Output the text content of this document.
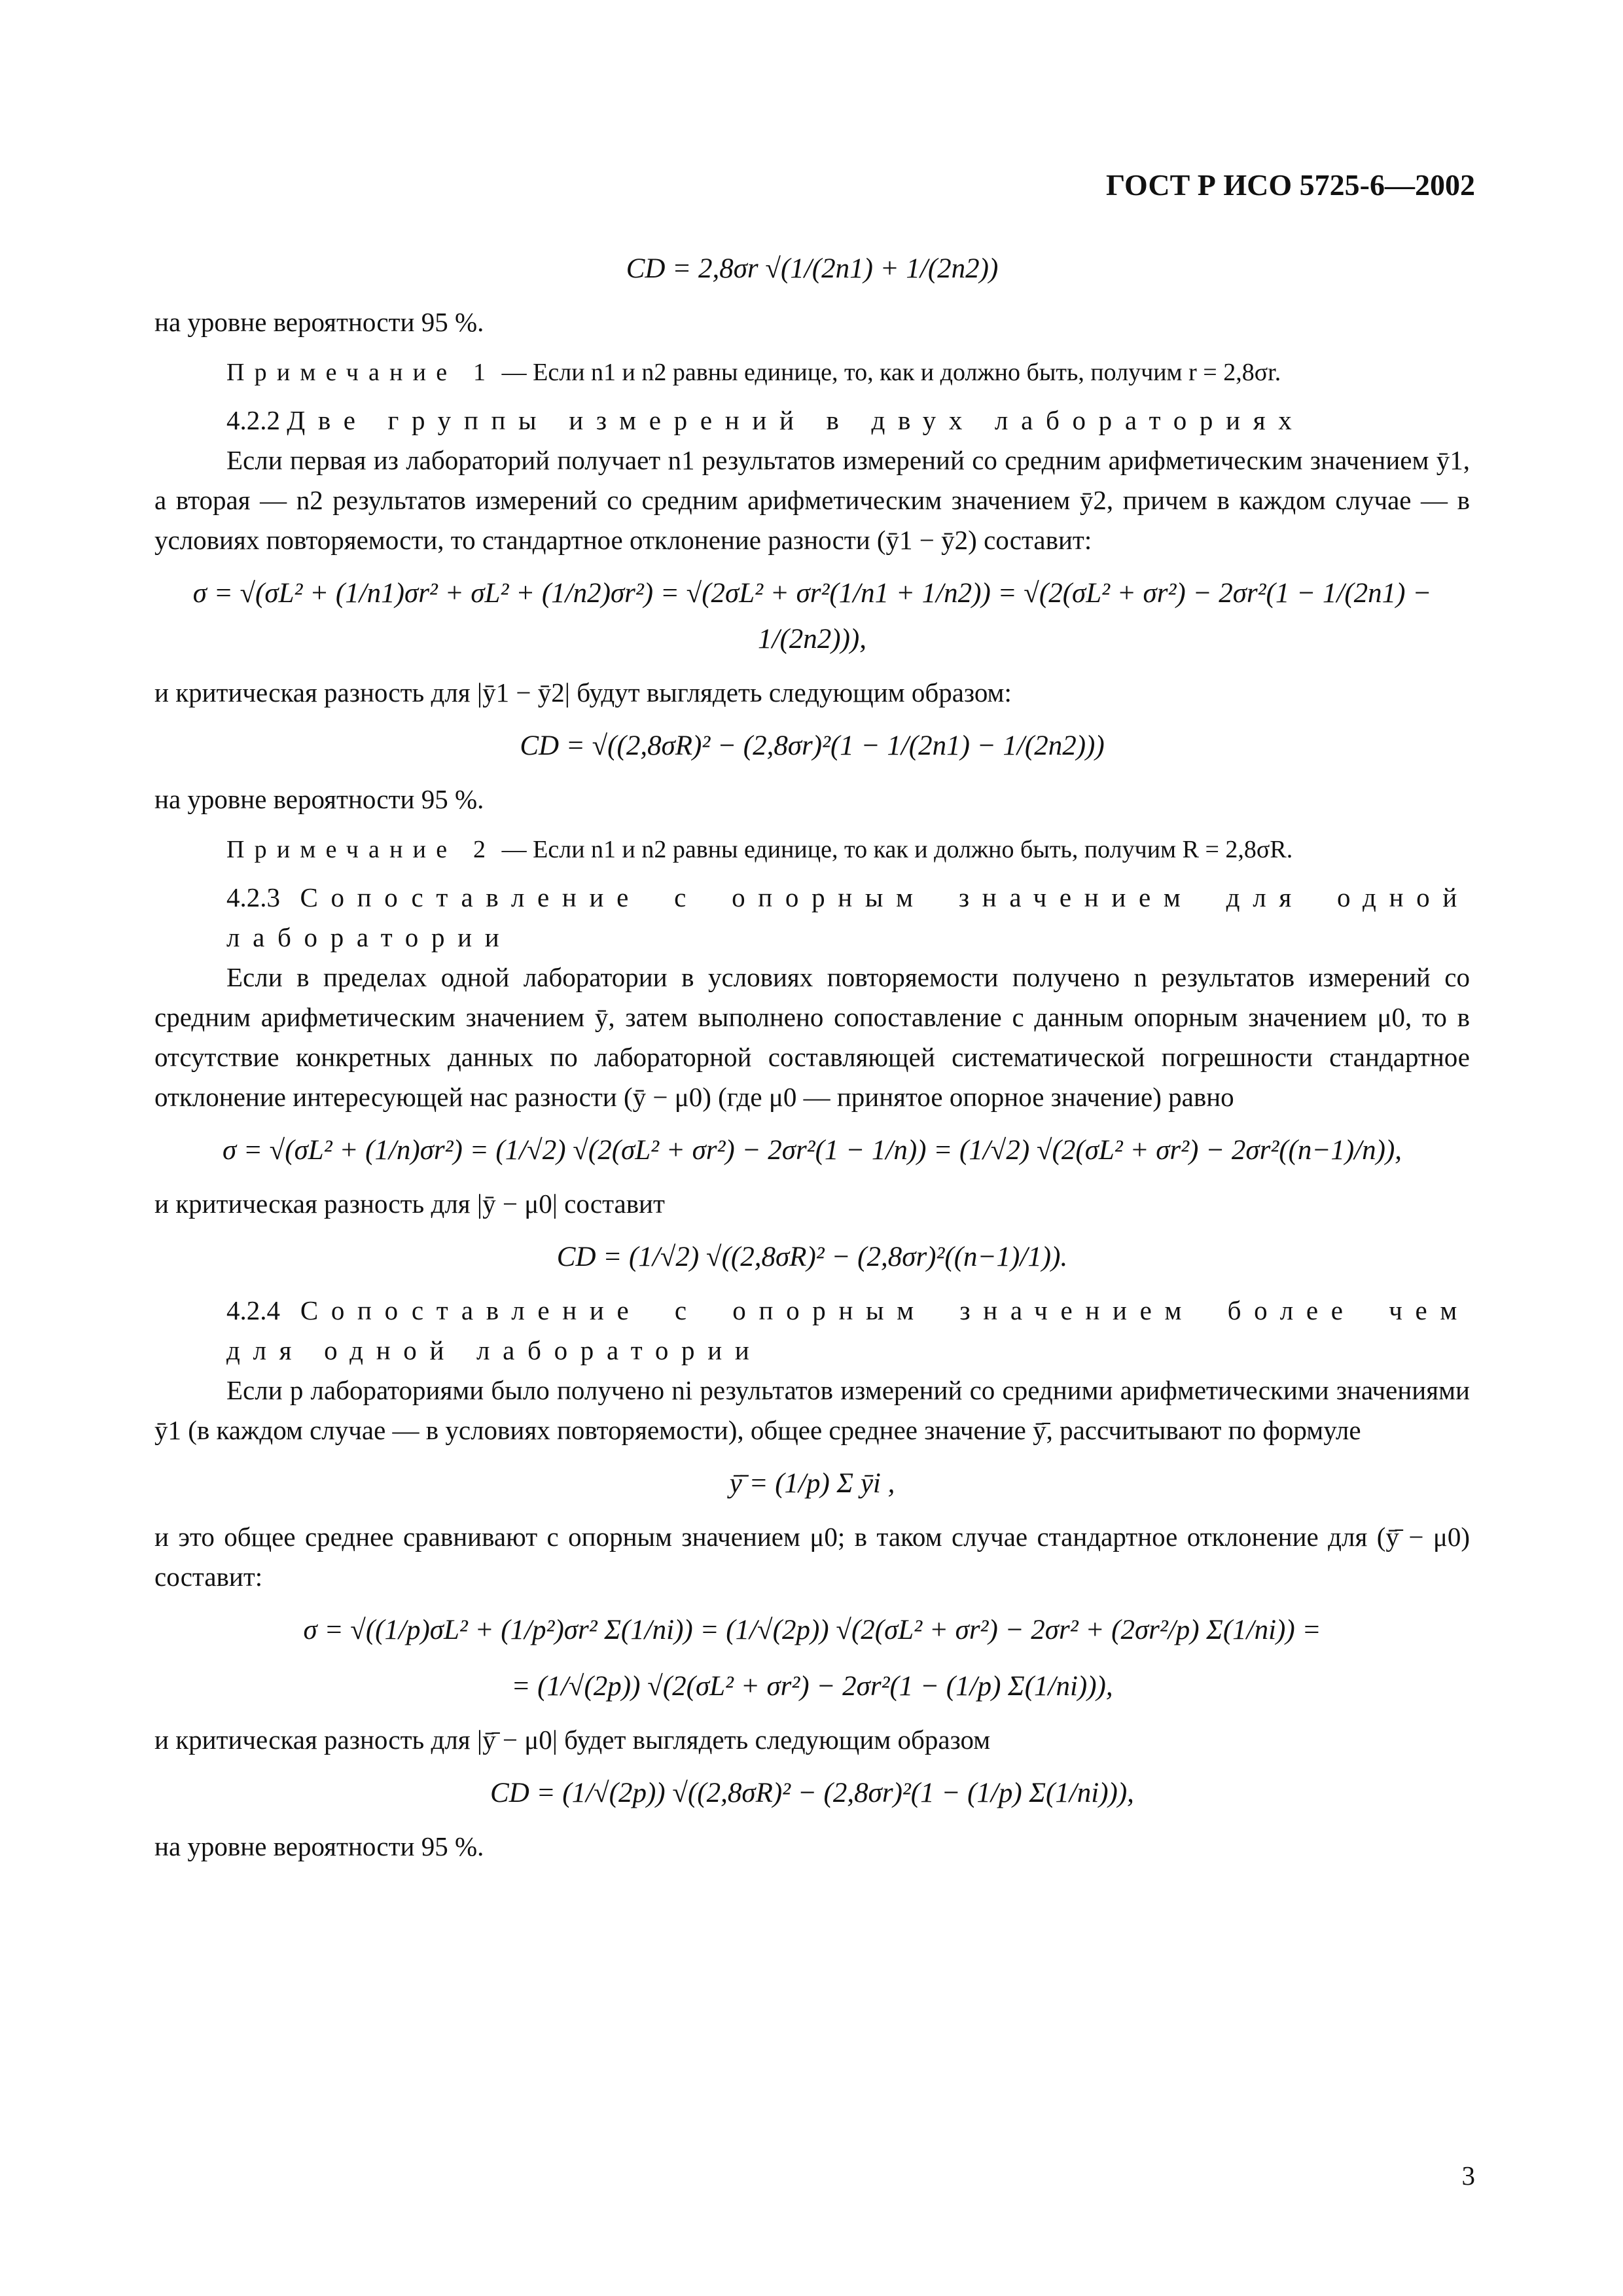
ГОСТ Р ИСО 5725-6—2002
CD = 2,8σr √(1/(2n1) + 1/(2n2))

на уровне вероятности 95 %.

Примечание 1 — Если n1 и n2 равны единице, то, как и должно быть, получим r = 2,8σr.

4.2.2 Две группы измерений в двух лабораториях

Если первая из лабораторий получает n1 результатов измерений со средним арифметическим значением ȳ1, а вторая — n2 результатов измерений со средним арифметическим значением ȳ2, причем в каждом случае — в условиях повторяемости, то стандартное отклонение разности (ȳ1 − ȳ2) составит:

σ = √(σL² + (1/n1)σr² + σL² + (1/n2)σr²) = √(2σL² + σr²(1/n1 + 1/n2)) = √(2(σL² + σr²) − 2σr²(1 − 1/(2n1) − 1/(2n2))),

и критическая разность для |ȳ1 − ȳ2| будут выглядеть следующим образом:

CD = √((2,8σR)² − (2,8σr)²(1 − 1/(2n1) − 1/(2n2)))

на уровне вероятности 95 %.

Примечание 2 — Если n1 и n2 равны единице, то как и должно быть, получим R = 2,8σR.

4.2.3 Сопоставление с опорным значением для одной лаборатории

Если в пределах одной лаборатории в условиях повторяемости получено n результатов измерений со средним арифметическим значением ȳ, затем выполнено сопоставление с данным опорным значением μ0, то в отсутствие конкретных данных по лабораторной составляющей систематической погрешности стандартное отклонение интересующей нас разности (ȳ − μ0) (где μ0 — принятое опорное значение) равно

σ = √(σL² + (1/n)σr²) = (1/√2) √(2(σL² + σr²) − 2σr²(1 − 1/n)) = (1/√2) √(2(σL² + σr²) − 2σr²((n−1)/n)),

и критическая разность для |ȳ − μ0| составит

CD = (1/√2) √((2,8σR)² − (2,8σr)²((n−1)/1)).

4.2.4 Сопоставление с опорным значением более чем для одной лаборатории

Если p лабораториями было получено ni результатов измерений со средними арифметическими значениями ȳ1 (в каждом случае — в условиях повторяемости), общее среднее значение ȳ̄, рассчитывают по формуле

ȳ̄ = (1/p) Σ ȳi ,

и это общее среднее сравнивают с опорным значением μ0; в таком случае стандартное отклонение для (ȳ̄ − μ0) составит:

σ = √((1/p)σL² + (1/p²)σr² Σ(1/ni)) = (1/√(2p)) √(2(σL² + σr²) − 2σr² + (2σr²/p) Σ(1/ni)) =
= (1/√(2p)) √(2(σL² + σr²) − 2σr²(1 − (1/p) Σ(1/ni))),

и критическая разность для |ȳ̄ − μ0| будет выглядеть следующим образом

CD = (1/√(2p)) √((2,8σR)² − (2,8σr)²(1 − (1/p) Σ(1/ni))),

на уровне вероятности 95 %.

3
